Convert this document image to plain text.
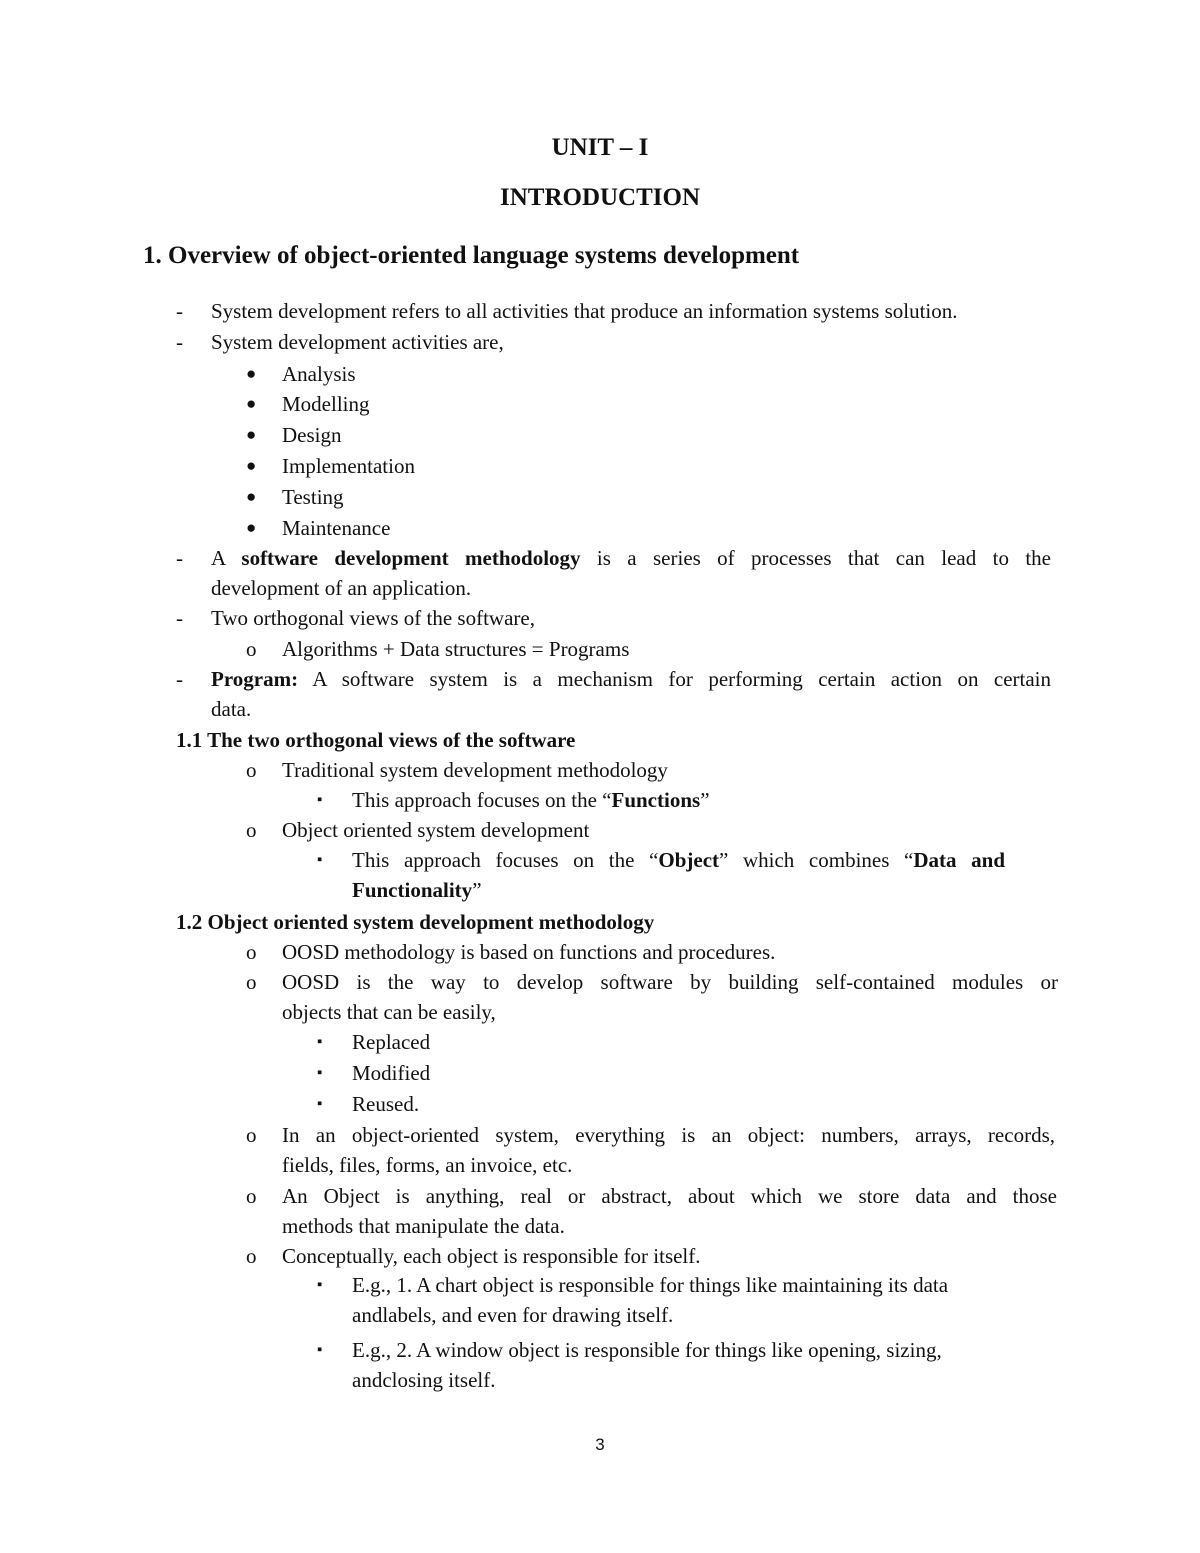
UNIT – I
INTRODUCTION
1. Overview of object-oriented language systems development
- System development refers to all activities that produce an information systems solution.
- System development activities are,
● Analysis
● Modelling
● Design
● Implementation
● Testing
● Maintenance
- A software development methodology is a series of processes that can lead to the
development of an application.
- Two orthogonal views of the software,
o Algorithms + Data structures = Programs
- Program: A software system is a mechanism for performing certain action on certain
data.
1.1 The two orthogonal views of the software
o Traditional system development methodology
▪ This approach focuses on the “Functions”
o Object oriented system development
▪ This approach focuses on the “Object” which combines “Data and
Functionality”
1.2 Object oriented system development methodology
o OOSD methodology is based on functions and procedures.
o OOSD is the way to develop software by building self-contained modules or
objects that can be easily,
▪ Replaced
▪ Modified
▪ Reused.
o In an object-oriented system, everything is an object: numbers, arrays, records,
fields, files, forms, an invoice, etc.
o An Object is anything, real or abstract, about which we store data and those
methods that manipulate the data.
o Conceptually, each object is responsible for itself.
▪ E.g., 1. A chart object is responsible for things like maintaining its data
andlabels, and even for drawing itself.
▪ E.g., 2. A window object is responsible for things like opening, sizing,
andclosing itself.
3
